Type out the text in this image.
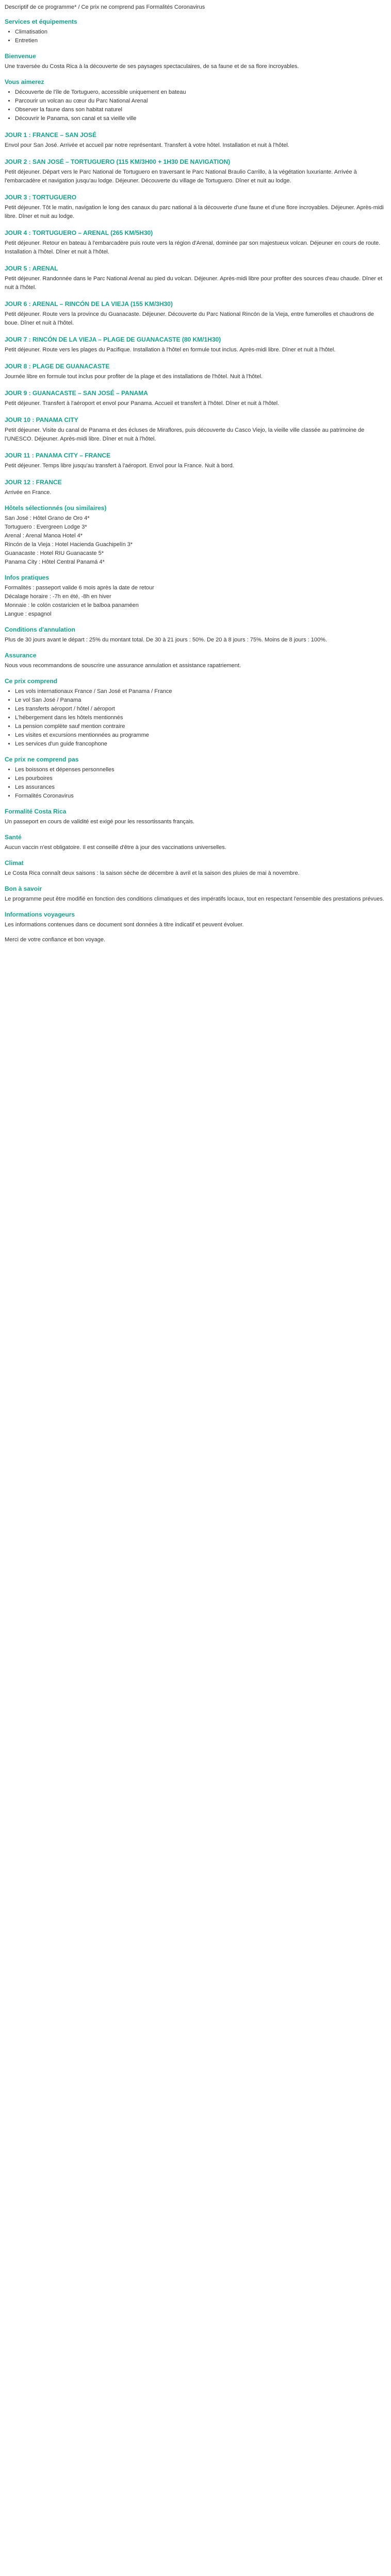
Descriptif de ce programme* / Ce prix ne comprend pas Formalités Coronavirus

Services et équipements
• Climatisation
• Entretien
Bienvenue

Une traversée du Costa Rica à la découverte de ses paysages spectaculaires, de sa faune et de sa flore incroyables.

Vous aimerez
• Découverte de l'île de Tortuguero, accessible uniquement en bateau
• Parcourir un volcan au cœur du Parc National Arenal
• Observer la faune dans son habitat naturel
• Découvrir le Panama, son canal et sa vieille ville
JOUR 1 : FRANCE – SAN JOSÉ

Envol pour San José. Arrivée et accueil par notre représentant. Transfert à votre hôtel. Installation et nuit à l'hôtel.

JOUR 2 : SAN JOSÉ – TORTUGUERO (115 KM/3H00 + 1H30 DE NAVIGATION)

Petit déjeuner. Départ vers le Parc National de Tortuguero en traversant le Parc National Braulio Carrillo, à la végétation luxuriante. Arrivée à l'embarcadère et navigation jusqu'au lodge. Déjeuner. Découverte du village de Tortuguero. Dîner et nuit au lodge.

JOUR 3 : TORTUGUERO

Petit déjeuner. Tôt le matin, navigation le long des canaux du parc national à la découverte d'une faune et d'une flore incroyables. Déjeuner. Après-midi libre. Dîner et nuit au lodge.

JOUR 4 : TORTUGUERO – ARENAL (265 KM/5H30)

Petit déjeuner. Retour en bateau à l'embarcadère puis route vers la région d'Arenal, dominée par son majestueux volcan. Déjeuner en cours de route. Installation à l'hôtel. Dîner et nuit à l'hôtel.

JOUR 5 : ARENAL

Petit déjeuner. Randonnée dans le Parc National Arenal au pied du volcan. Déjeuner. Après-midi libre pour profiter des sources d'eau chaude. Dîner et nuit à l'hôtel.

JOUR 6 : ARENAL – RINCÓN DE LA VIEJA (155 KM/3H30)

Petit déjeuner. Route vers la province du Guanacaste. Déjeuner. Découverte du Parc National Rincón de la Vieja, entre fumerolles et chaudrons de boue. Dîner et nuit à l'hôtel.

JOUR 7 : RINCÓN DE LA VIEJA – PLAGE DE GUANACASTE (80 KM/1H30)

Petit déjeuner. Route vers les plages du Pacifique. Installation à l'hôtel en formule tout inclus. Après-midi libre. Dîner et nuit à l'hôtel.

JOUR 8 : PLAGE DE GUANACASTE

Journée libre en formule tout inclus pour profiter de la plage et des installations de l'hôtel. Nuit à l'hôtel.

JOUR 9 : GUANACASTE – SAN JOSÉ – PANAMA

Petit déjeuner. Transfert à l'aéroport et envol pour Panama. Accueil et transfert à l'hôtel. Dîner et nuit à l'hôtel.

JOUR 10 : PANAMA CITY

Petit déjeuner. Visite du canal de Panama et des écluses de Miraflores, puis découverte du Casco Viejo, la vieille ville classée au patrimoine de l'UNESCO. Déjeuner. Après-midi libre. Dîner et nuit à l'hôtel.

JOUR 11 : PANAMA CITY – FRANCE

Petit déjeuner. Temps libre jusqu'au transfert à l'aéroport. Envol pour la France. Nuit à bord.

JOUR 12 : FRANCE

Arrivée en France.

Hôtels sélectionnés (ou similaires)
San José : Hôtel Grano de Oro 4*
Tortuguero : Evergreen Lodge 3*
Arenal : Arenal Manoa Hotel 4*
Rincón de la Vieja : Hotel Hacienda Guachipelín 3*
Guanacaste : Hotel RIU Guanacaste 5*
Panama City : Hôtel Central Panamá 4*
Infos pratiques
Formalités : passeport valide 6 mois après la date de retour
Décalage horaire : -7h en été, -8h en hiver
Monnaie : le colón costaricien et le balboa panaméen
Langue : espagnol
Conditions d'annulation

Plus de 30 jours avant le départ : 25% du montant total. De 30 à 21 jours : 50%. De 20 à 8 jours : 75%. Moins de 8 jours : 100%.

Assurance

Nous vous recommandons de souscrire une assurance annulation et assistance rapatriement.

Ce prix comprend
• Les vols internationaux France / San José et Panama / France
• Le vol San José / Panama
• Les transferts aéroport / hôtel / aéroport
• L'hébergement dans les hôtels mentionnés
• La pension complète sauf mention contraire
• Les visites et excursions mentionnées au programme
• Les services d'un guide francophone
Ce prix ne comprend pas
• Les boissons et dépenses personnelles
• Les pourboires
• Les assurances
• Formalités Coronavirus
Formalité Costa Rica

Un passeport en cours de validité est exigé pour les ressortissants français.

Santé

Aucun vaccin n'est obligatoire. Il est conseillé d'être à jour des vaccinations universelles.

Climat

Le Costa Rica connaît deux saisons : la saison sèche de décembre à avril et la saison des pluies de mai à novembre.

Bon à savoir

Le programme peut être modifié en fonction des conditions climatiques et des impératifs locaux, tout en respectant l'ensemble des prestations prévues.

Informations voyageurs

Les informations contenues dans ce document sont données à titre indicatif et peuvent évoluer.

Merci de votre confiance et bon voyage.
